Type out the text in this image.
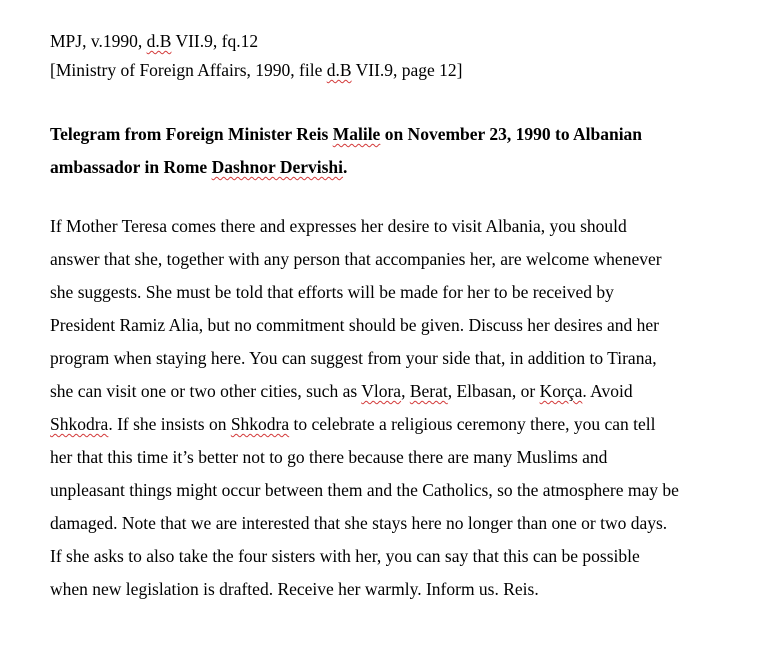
MPJ, v.1990, d.B VII.9, fq.12
[Ministry of Foreign Affairs, 1990, file d.B VII.9, page 12]
Telegram from Foreign Minister Reis Malile on November 23, 1990 to Albanian
ambassador in Rome Dashnor Dervishi.
If Mother Teresa comes there and expresses her desire to visit Albania, you should
answer that she, together with any person that accompanies her, are welcome whenever
she suggests. She must be told that efforts will be made for her to be received by
President Ramiz Alia, but no commitment should be given. Discuss her desires and her
program when staying here. You can suggest from your side that, in addition to Tirana,
she can visit one or two other cities, such as Vlora, Berat, Elbasan, or Korça. Avoid
Shkodra. If she insists on Shkodra to celebrate a religious ceremony there, you can tell
her that this time it’s better not to go there because there are many Muslims and
unpleasant things might occur between them and the Catholics, so the atmosphere may be
damaged. Note that we are interested that she stays here no longer than one or two days.
If she asks to also take the four sisters with her, you can say that this can be possible
when new legislation is drafted. Receive her warmly. Inform us. Reis.
